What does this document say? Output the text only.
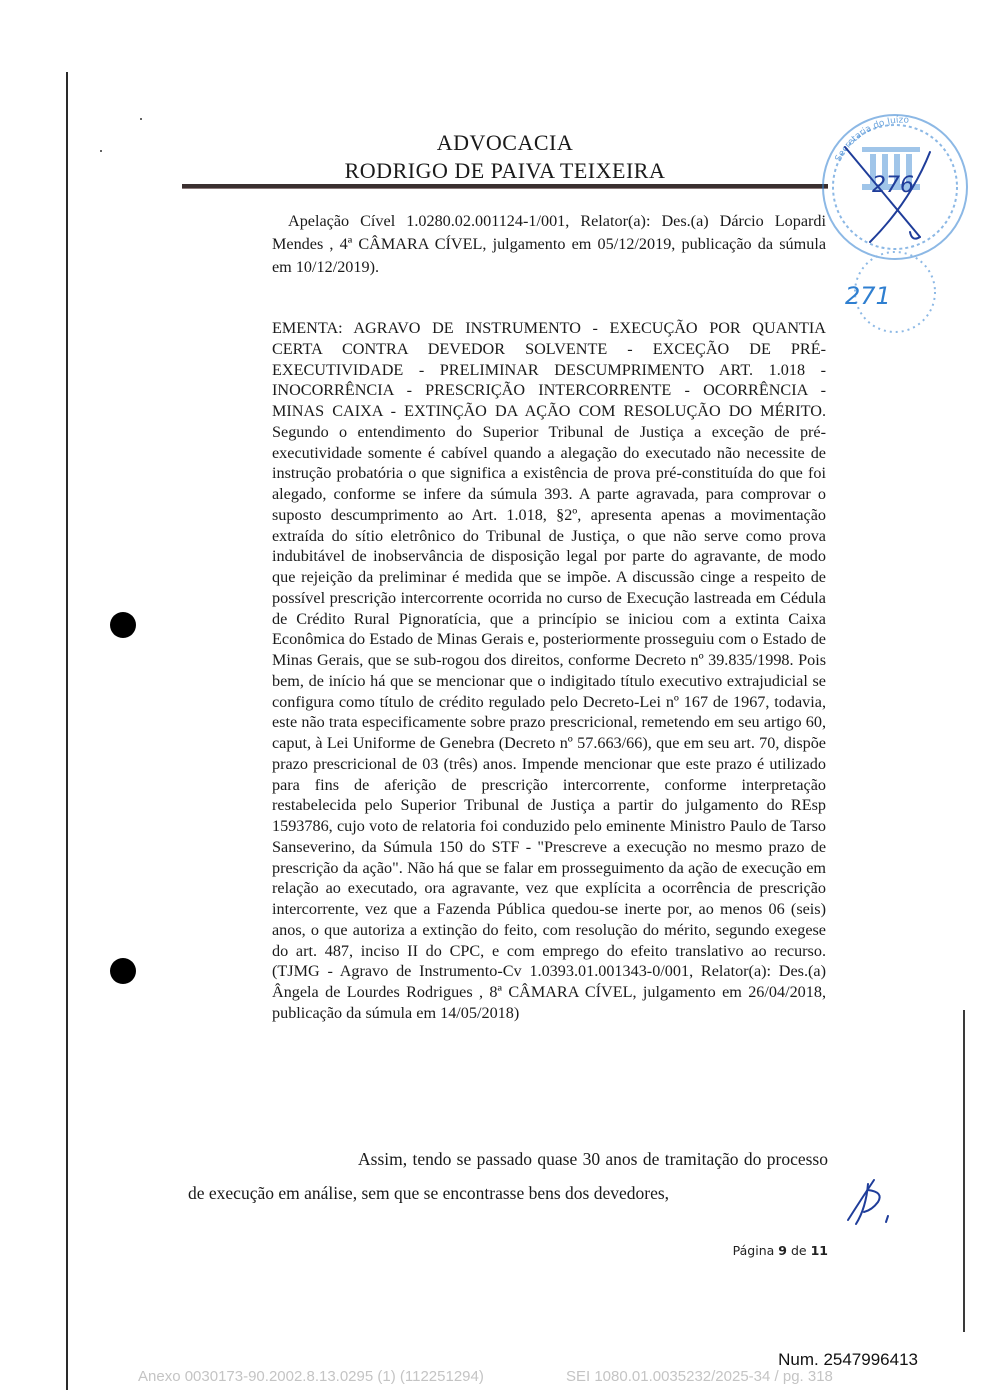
ADVOCACIA
RODRIGO DE PAIVA TEIXEIRA	Secretaria do Juízo
276
271
Apelação Cível 1.0280.02.001124-1/001, Relator(a): Des.(a) Dárcio Lopardi Mendes , 4ª CÂMARA CÍVEL, julgamento em 05/12/2019, publicação da súmula em 10/12/2019).
EMENTA: AGRAVO DE INSTRUMENTO - EXECUÇÃO POR QUANTIA CERTA CONTRA DEVEDOR SOLVENTE - EXCEÇÃO DE PRÉ-EXECUTIVIDADE - PRELIMINAR DESCUMPRIMENTO ART. 1.018 - INOCORRÊNCIA - PRESCRIÇÃO INTERCORRENTE - OCORRÊNCIA - MINAS CAIXA - EXTINÇÃO DA AÇÃO COM RESOLUÇÃO DO MÉRITO. Segundo o entendimento do Superior Tribunal de Justiça a exceção de pré-executividade somente é cabível quando a alegação do executado não necessite de instrução probatória o que significa a existência de prova pré-constituída do que foi alegado, conforme se infere da súmula 393. A parte agravada, para comprovar o suposto descumprimento ao Art. 1.018, §2º, apresenta apenas a movimentação extraída do sítio eletrônico do Tribunal de Justiça, o que não serve como prova indubitável de inobservância de disposição legal por parte do agravante, de modo que rejeição da preliminar é medida que se impõe. A discussão cinge a respeito de possível prescrição intercorrente ocorrida no curso de Execução lastreada em Cédula de Crédito Rural Pignoratícia, que a princípio se iniciou com a extinta Caixa Econômica do Estado de Minas Gerais e, posteriormente prosseguiu com o Estado de Minas Gerais, que se sub-rogou dos direitos, conforme Decreto nº 39.835/1998. Pois bem, de início há que se mencionar que o indigitado título executivo extrajudicial se configura como título de crédito regulado pelo Decreto-Lei nº 167 de 1967, todavia, este não trata especificamente sobre prazo prescricional, remetendo em seu artigo 60, caput, à Lei Uniforme de Genebra (Decreto nº 57.663/66), que em seu art. 70, dispõe prazo prescricional de 03 (três) anos. Impende mencionar que este prazo é utilizado para fins de aferição de prescrição intercorrente, conforme interpretação restabelecida pelo Superior Tribunal de Justiça a partir do julgamento do REsp 1593786, cujo voto de relatoria foi conduzido pelo eminente Ministro Paulo de Tarso Sanseverino, da Súmula 150 do STF - "Prescreve a execução no mesmo prazo de prescrição da ação". Não há que se falar em prosseguimento da ação de execução em relação ao executado, ora agravante, vez que explícita a ocorrência de prescrição intercorrente, vez que a Fazenda Pública quedou-se inerte por, ao menos 06 (seis) anos, o que autoriza a extinção do feito, com resolução do mérito, segundo exegese do art. 487, inciso II do CPC, e com emprego do efeito translativo ao recurso. (TJMG - Agravo de Instrumento-Cv 1.0393.01.001343-0/001, Relator(a): Des.(a) Ângela de Lourdes Rodrigues , 8ª CÂMARA CÍVEL, julgamento em 26/04/2018, publicação da súmula em 14/05/2018)
Assim, tendo se passado quase 30 anos de tramitação do processo de execução em análise, sem que se encontrasse bens dos devedores,
Página 9 de 11
Num. 2547996413
Anexo 0030173-90.2002.8.13.0295 (1) (112251294)	SEI 1080.01.0035232/2025-34 / pg. 318
